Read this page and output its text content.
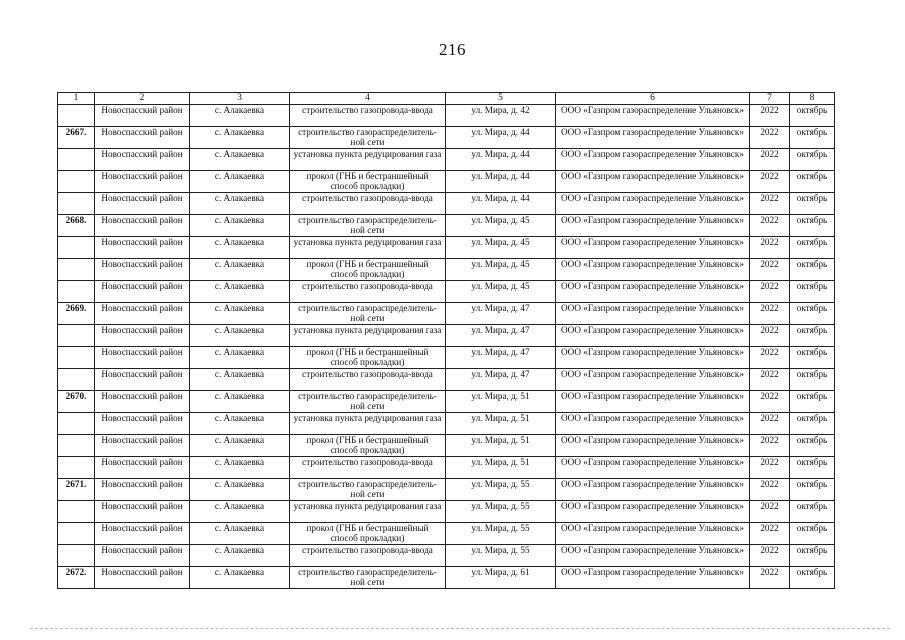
216
1	2	3	4	5	6	7	8
	Новоспасский район	с. Алакаевка	строительство газопровода-ввода	ул. Мира, д. 42	ООО «Газпром газораспределение Ульяновск»	2022	октябрь
2667.	Новоспасский район	с. Алакаевка	строительство газораспределитель-ной сети	ул. Мира, д. 44	ООО «Газпром газораспределение Ульяновск»	2022	октябрь
	Новоспасский район	с. Алакаевка	установка пункта редуцирования газа	ул. Мира, д. 44	ООО «Газпром газораспределение Ульяновск»	2022	октябрь
	Новоспасский район	с. Алакаевка	прокол (ГНБ и бестраншейный способ прокладки)	ул. Мира, д. 44	ООО «Газпром газораспределение Ульяновск»	2022	октябрь
	Новоспасский район	с. Алакаевка	строительство газопровода-ввода	ул. Мира, д. 44	ООО «Газпром газораспределение Ульяновск»	2022	октябрь
2668.	Новоспасский район	с. Алакаевка	строительство газораспределитель-ной сети	ул. Мира, д. 45	ООО «Газпром газораспределение Ульяновск»	2022	октябрь
	Новоспасский район	с. Алакаевка	установка пункта редуцирования газа	ул. Мира, д. 45	ООО «Газпром газораспределение Ульяновск»	2022	октябрь
	Новоспасский район	с. Алакаевка	прокол (ГНБ и бестраншейный способ прокладки)	ул. Мира, д. 45	ООО «Газпром газораспределение Ульяновск»	2022	октябрь
	Новоспасский район	с. Алакаевка	строительство газопровода-ввода	ул. Мира, д. 45	ООО «Газпром газораспределение Ульяновск»	2022	октябрь
2669.	Новоспасский район	с. Алакаевка	строительство газораспределитель-ной сети	ул. Мира, д. 47	ООО «Газпром газораспределение Ульяновск»	2022	октябрь
	Новоспасский район	с. Алакаевка	установка пункта редуцирования газа	ул. Мира, д. 47	ООО «Газпром газораспределение Ульяновск»	2022	октябрь
	Новоспасский район	с. Алакаевка	прокол (ГНБ и бестраншейный способ прокладки)	ул. Мира, д. 47	ООО «Газпром газораспределение Ульяновск»	2022	октябрь
	Новоспасский район	с. Алакаевка	строительство газопровода-ввода	ул. Мира, д. 47	ООО «Газпром газораспределение Ульяновск»	2022	октябрь
2670.	Новоспасский район	с. Алакаевка	строительство газораспределитель-ной сети	ул. Мира, д. 51	ООО «Газпром газораспределение Ульяновск»	2022	октябрь
	Новоспасский район	с. Алакаевка	установка пункта редуцирования газа	ул. Мира, д. 51	ООО «Газпром газораспределение Ульяновск»	2022	октябрь
	Новоспасский район	с. Алакаевка	прокол (ГНБ и бестраншейный способ прокладки)	ул. Мира, д. 51	ООО «Газпром газораспределение Ульяновск»	2022	октябрь
	Новоспасский район	с. Алакаевка	строительство газопровода-ввода	ул. Мира, д. 51	ООО «Газпром газораспределение Ульяновск»	2022	октябрь
2671.	Новоспасский район	с. Алакаевка	строительство газораспределитель-ной сети	ул. Мира, д. 55	ООО «Газпром газораспределение Ульяновск»	2022	октябрь
	Новоспасский район	с. Алакаевка	установка пункта редуцирования газа	ул. Мира, д. 55	ООО «Газпром газораспределение Ульяновск»	2022	октябрь
	Новоспасский район	с. Алакаевка	прокол (ГНБ и бестраншейный способ прокладки)	ул. Мира, д. 55	ООО «Газпром газораспределение Ульяновск»	2022	октябрь
	Новоспасский район	с. Алакаевка	строительство газопровода-ввода	ул. Мира, д. 55	ООО «Газпром газораспределение Ульяновск»	2022	октябрь
2672.	Новоспасский район	с. Алакаевка	строительство газораспределитель-ной сети	ул. Мира, д. 61	ООО «Газпром газораспределение Ульяновск»	2022	октябрь
